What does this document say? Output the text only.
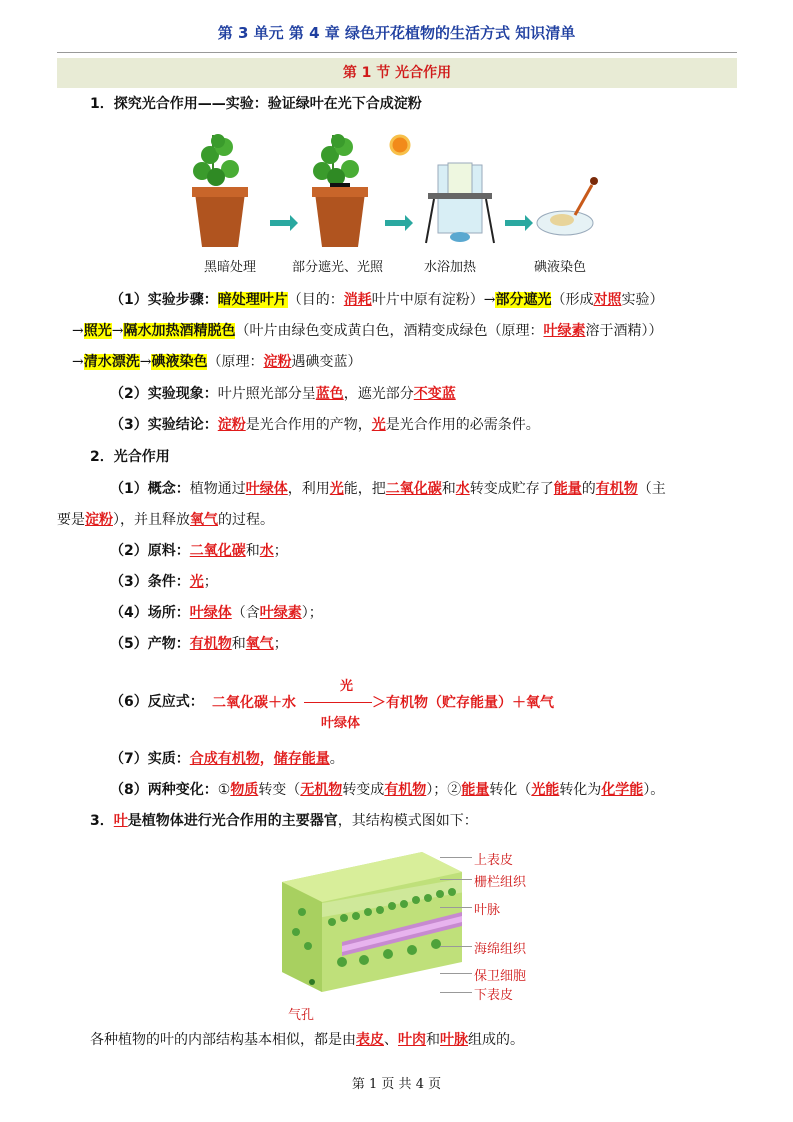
第 3 单元 第 4 章 绿色开花植物的生活方式 知识清单
第 1 节 光合作用
1．探究光合作用——实验：验证绿叶在光下合成淀粉
黑暗处理	部分遮光、光照	水浴加热	碘液染色
（1）实验步骤：暗处理叶片（目的：消耗叶片中原有淀粉）→部分遮光（形成对照实验）
→照光→隔水加热酒精脱色（叶片由绿色变成黄白色，酒精变成绿色（原理：叶绿素溶于酒精））
→清水漂洗→碘液染色（原理：淀粉遇碘变蓝）
（2）实验现象：叶片照光部分呈蓝色，遮光部分不变蓝
（3）实验结论：淀粉是光合作用的产物，光是光合作用的必需条件。
2．光合作用
（1）概念：植物通过叶绿体，利用光能，把二氧化碳和水转变成贮存了能量的有机物（主
要是淀粉），并且释放氧气的过程。
（2）原料：二氧化碳和水；
（3）条件：光；
（4）场所：叶绿体（含叶绿素）；
（5）产物：有机物和氧气；
（6）反应式： 二氧化碳＋水
光
叶绿体
＞有机物（贮存能量）＋氧气
（7）实质：合成有机物，储存能量。
（8）两种变化：①物质转变（无机物转变成有机物）；②能量转化（光能转化为化学能）。
3．叶是植物体进行光合作用的主要器官，其结构模式图如下：
上表皮
栅栏组织
叶脉
海绵组织
保卫细胞
下表皮
气孔
各种植物的叶的内部结构基本相似，都是由表皮、叶肉和叶脉组成的。
第 1 页 共 4 页
